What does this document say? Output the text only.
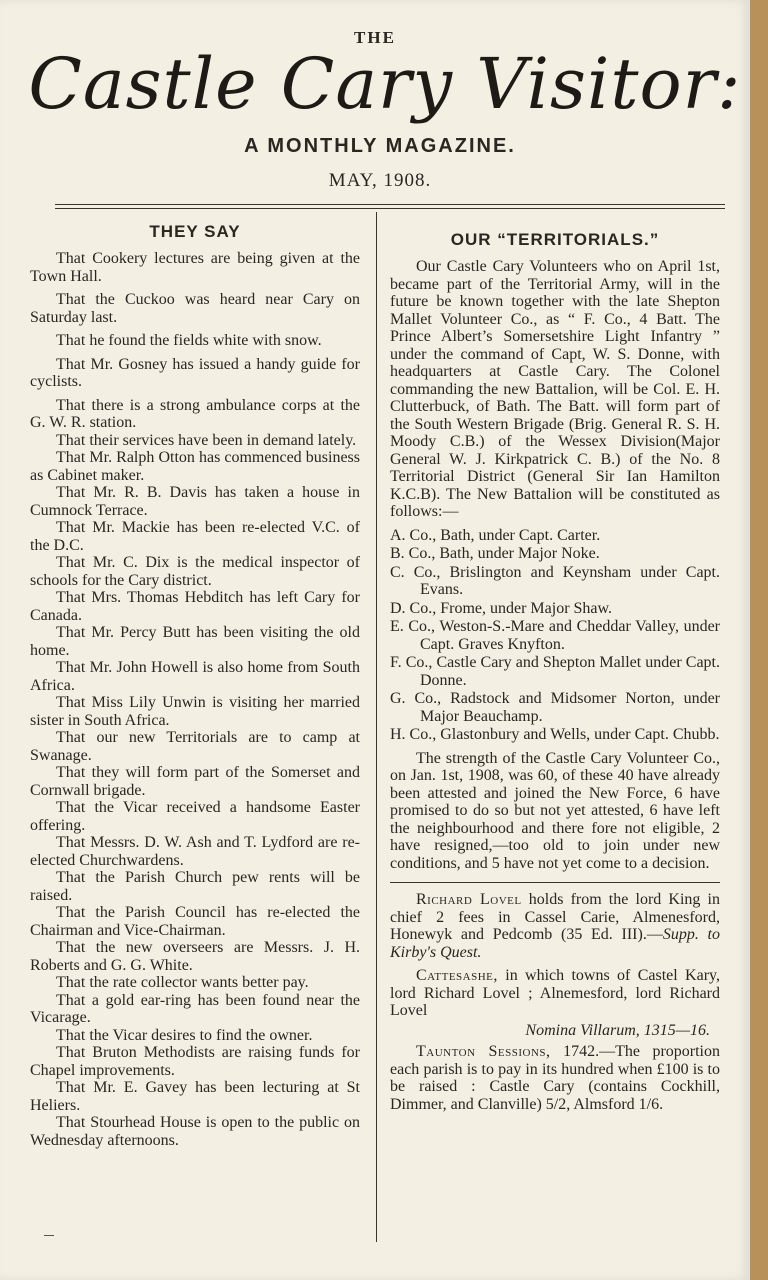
THE
Castle Cary Visitor:
A MONTHLY MAGAZINE.
MAY, 1908.
THEY SAY

That Cookery lectures are being given at the Town Hall.

That the Cuckoo was heard near Cary on Saturday last.

That he found the fields white with snow.

That Mr. Gosney has issued a handy guide for cyclists.

That there is a strong ambulance corps at the G. W. R. station.

That their services have been in demand lately.

That Mr. Ralph Otton has commenced business as Cabinet maker.

That Mr. R. B. Davis has taken a house in Cumnock Terrace.

That Mr. Mackie has been re-elected V.C. of the D.C.

That Mr. C. Dix is the medical inspector of schools for the Cary district.

That Mrs. Thomas Hebditch has left Cary for Canada.

That Mr. Percy Butt has been visiting the old home.

That Mr. John Howell is also home from South Africa.

That Miss Lily Unwin is visiting her married sister in South Africa.

That our new Territorials are to camp at Swanage.

That they will form part of the Somerset and Cornwall brigade.

That the Vicar received a handsome Easter offering.

That Messrs. D. W. Ash and T. Lydford are re-elected Churchwardens.

That the Parish Church pew rents will be raised.

That the Parish Council has re-elected the Chairman and Vice-Chairman.

That the new overseers are Messrs. J. H. Roberts and G. G. White.

That the rate collector wants better pay.

That a gold ear-ring has been found near the Vicarage.

That the Vicar desires to find the owner.

That Bruton Methodists are raising funds for Chapel improvements.

That Mr. E. Gavey has been lecturing at St Heliers.

That Stourhead House is open to the public on Wednesday afternoons.

OUR “TERRITORIALS.”

Our Castle Cary Volunteers who on April 1st, became part of the Territorial Army, will in the future be known together with the late Shepton Mallet Volunteer Co., as “ F. Co., 4 Batt. The Prince Albert’s Somersetshire Light Infantry ” under the command of Capt, W. S. Donne, with headquarters at Castle Cary. The Colonel commanding the new Battalion, will be Col. E. H. Clutterbuck, of Bath. The Batt. will form part of the South Western Brigade (Brig. General R. S. H. Moody C.B.) of the Wessex Division(Major General W. J. Kirkpatrick C. B.) of the No. 8 Territorial District (General Sir Ian Hamilton K.C.B). The New Battalion will be constituted as follows:—

A. Co., Bath, under Capt. Carter.

B. Co., Bath, under Major Noke.

C. Co., Brislington and Keynsham under Capt. Evans.

D. Co., Frome, under Major Shaw.

E. Co., Weston-S.-Mare and Cheddar Valley, under Capt. Graves Knyfton.

F. Co., Castle Cary and Shepton Mallet under Capt. Donne.

G. Co., Radstock and Midsomer Norton, under Major Beauchamp.

H. Co., Glastonbury and Wells, under Capt. Chubb.

The strength of the Castle Cary Volunteer Co., on Jan. 1st, 1908, was 60, of these 40 have already been attested and joined the New Force, 6 have promised to do so but not yet attested, 6 have left the neighbourhood and there fore not eligible, 2 have resigned,—too old to join under new conditions, and 5 have not yet come to a decision.

Richard Lovel holds from the lord King in chief 2 fees in Cassel Carie, Almenesford, Honewyk and Pedcomb (35 Ed. III).—Supp. to Kirby's Quest.

Cattesashe, in which towns of Castel Kary, lord Richard Lovel ; Alnemesford, lord Richard Lovel

Nomina Villarum, 1315—16.

Taunton Sessions, 1742.—The proportion each parish is to pay in its hundred when £100 is to be raised : Castle Cary (contains Cockhill, Dimmer, and Clanville) 5/2, Almsford 1/6.
